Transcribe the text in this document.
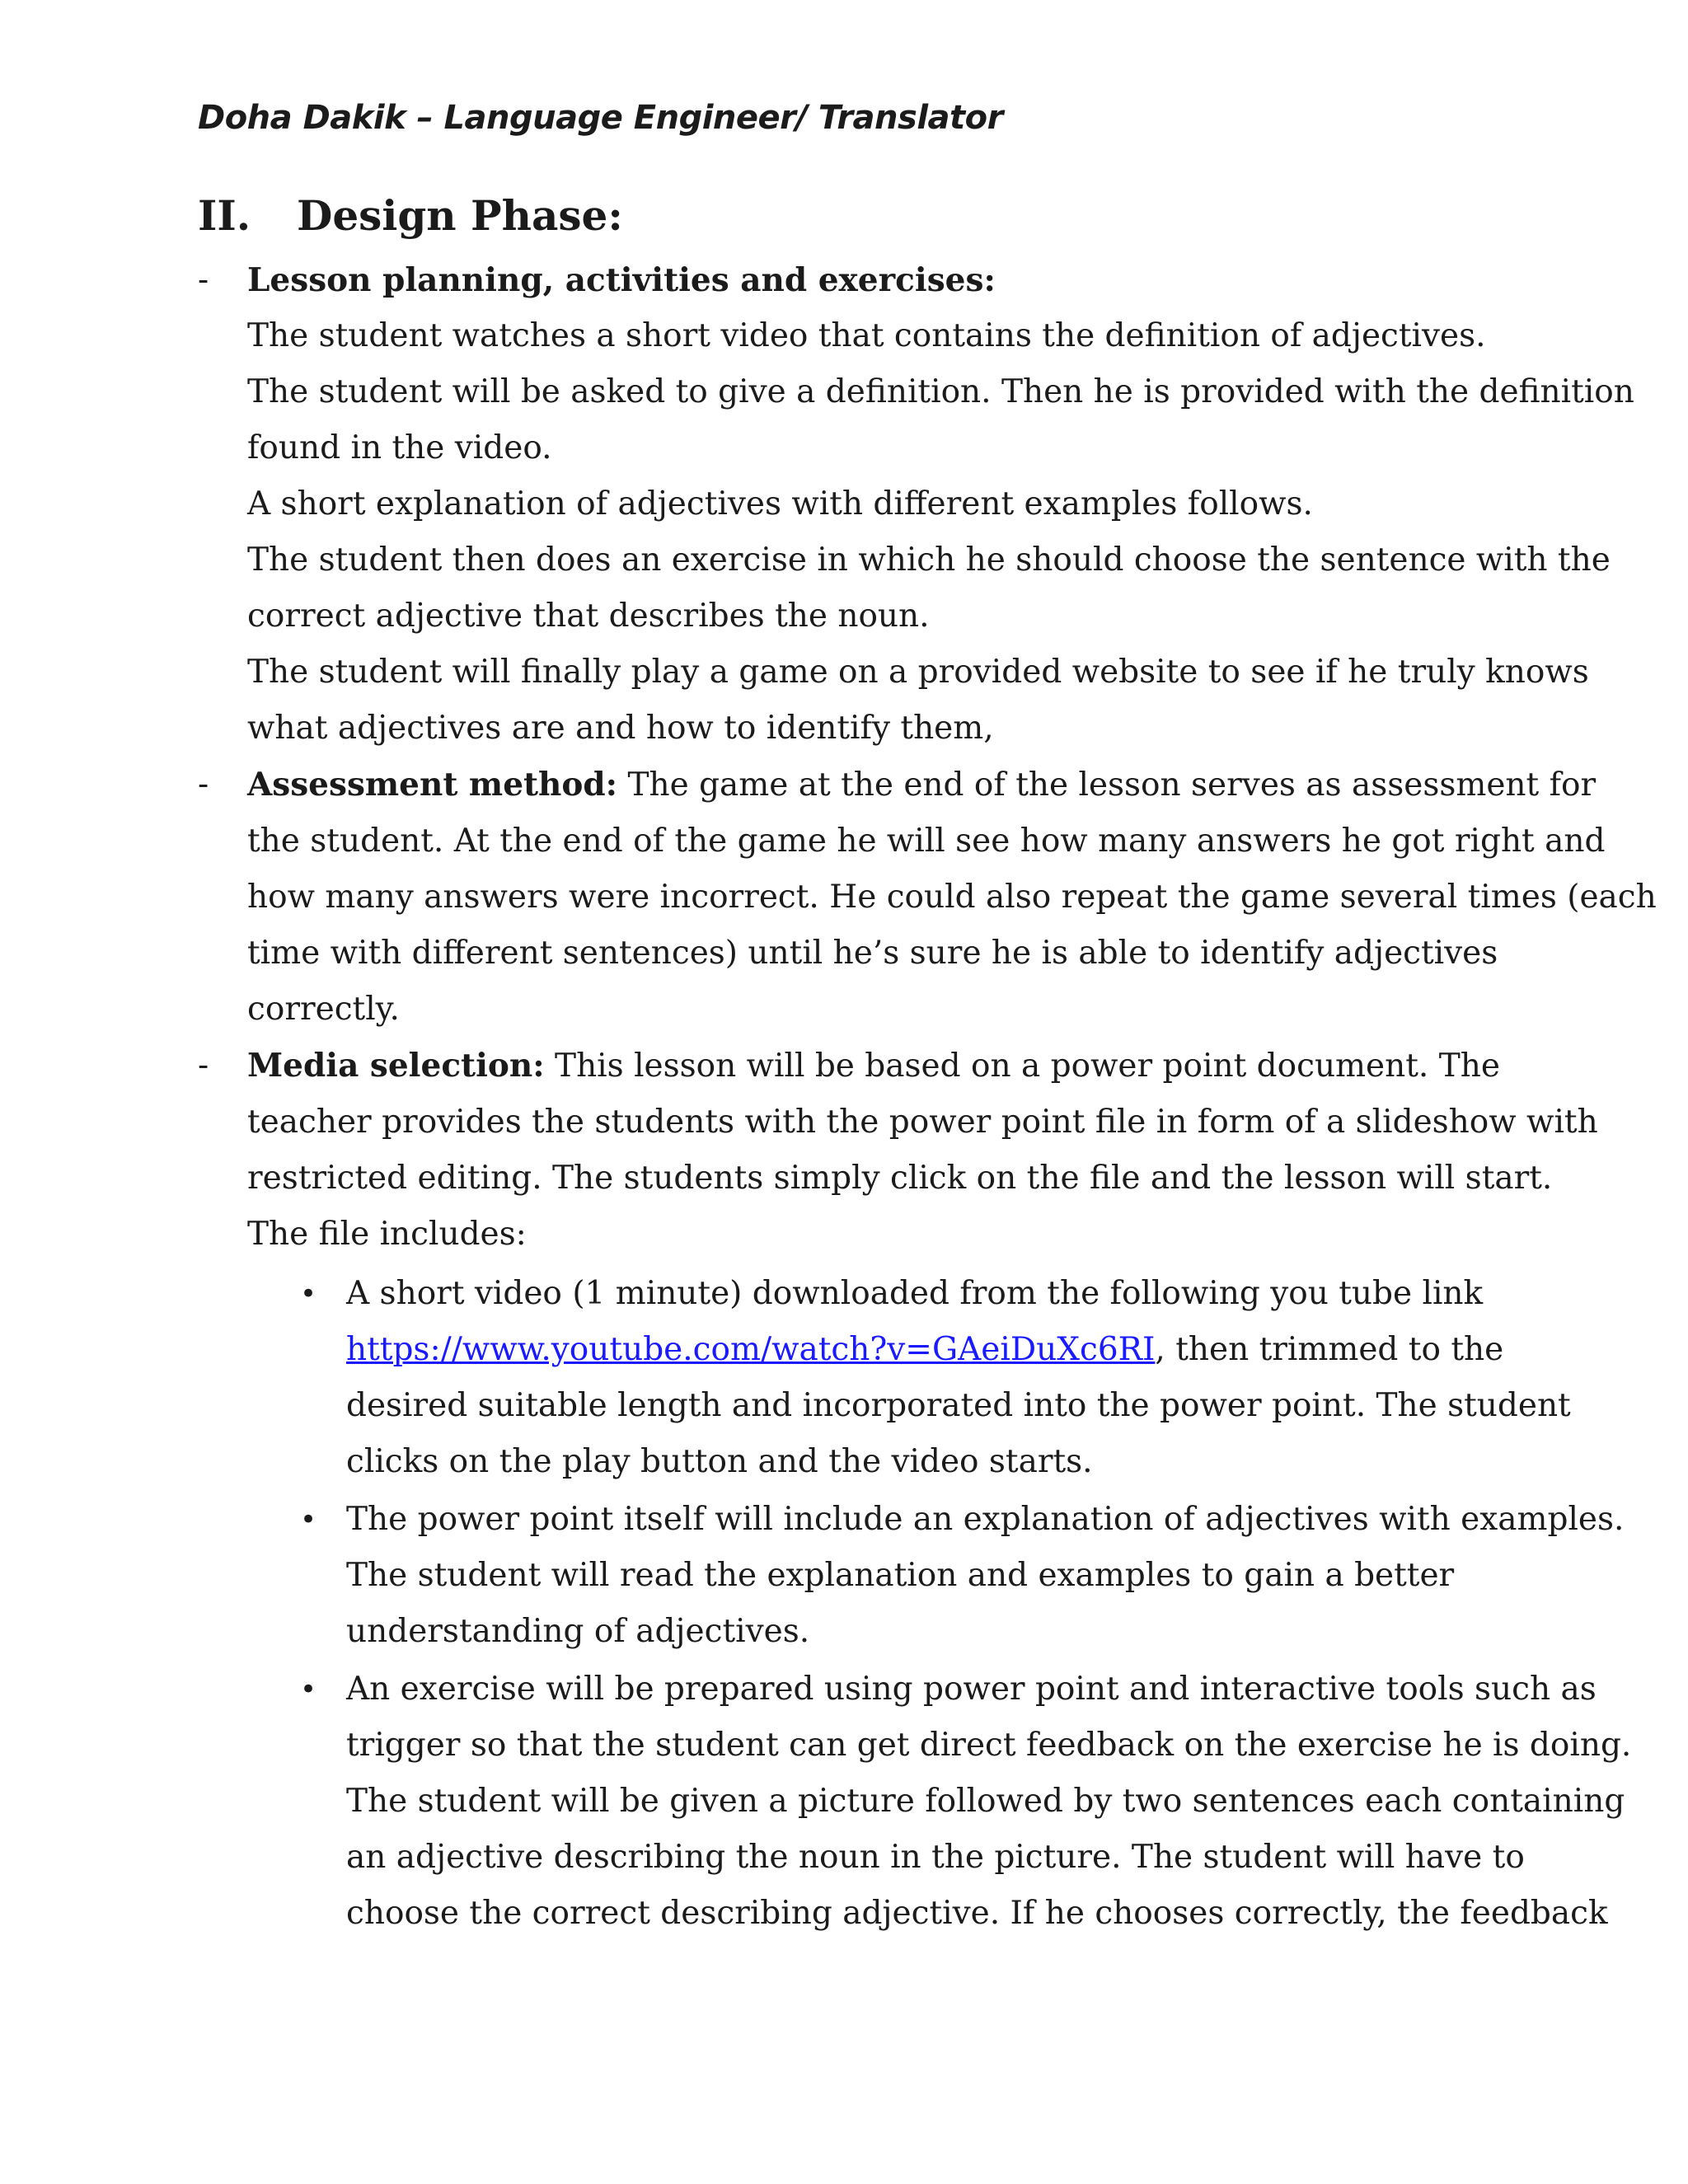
Doha Dakik – Language Engineer/ Translator
II.	Design Phase:
- Lesson planning, activities and exercises:
The student watches a short video that contains the definition of adjectives.
The student will be asked to give a definition. Then he is provided with the definition
found in the video.
A short explanation of adjectives with different examples follows.
The student then does an exercise in which he should choose the sentence with the
correct adjective that describes the noun.
The student will finally play a game on a provided website to see if he truly knows
what adjectives are and how to identify them,
- Assessment method: The game at the end of the lesson serves as assessment for
the student. At the end of the game he will see how many answers he got right and
how many answers were incorrect. He could also repeat the game several times (each
time with different sentences) until he’s sure he is able to identify adjectives
correctly.
- Media selection: This lesson will be based on a power point document. The
teacher provides the students with the power point file in form of a slideshow with
restricted editing. The students simply click on the file and the lesson will start.
The file includes:
• A short video (1 minute) downloaded from the following you tube link
https://www.youtube.com/watch?v=GAeiDuXc6RI, then trimmed to the
desired suitable length and incorporated into the power point. The student
clicks on the play button and the video starts.
• The power point itself will include an explanation of adjectives with examples.
The student will read the explanation and examples to gain a better
understanding of adjectives.
• An exercise will be prepared using power point and interactive tools such as
trigger so that the student can get direct feedback on the exercise he is doing.
The student will be given a picture followed by two sentences each containing
an adjective describing the noun in the picture. The student will have to
choose the correct describing adjective. If he chooses correctly, the feedback
